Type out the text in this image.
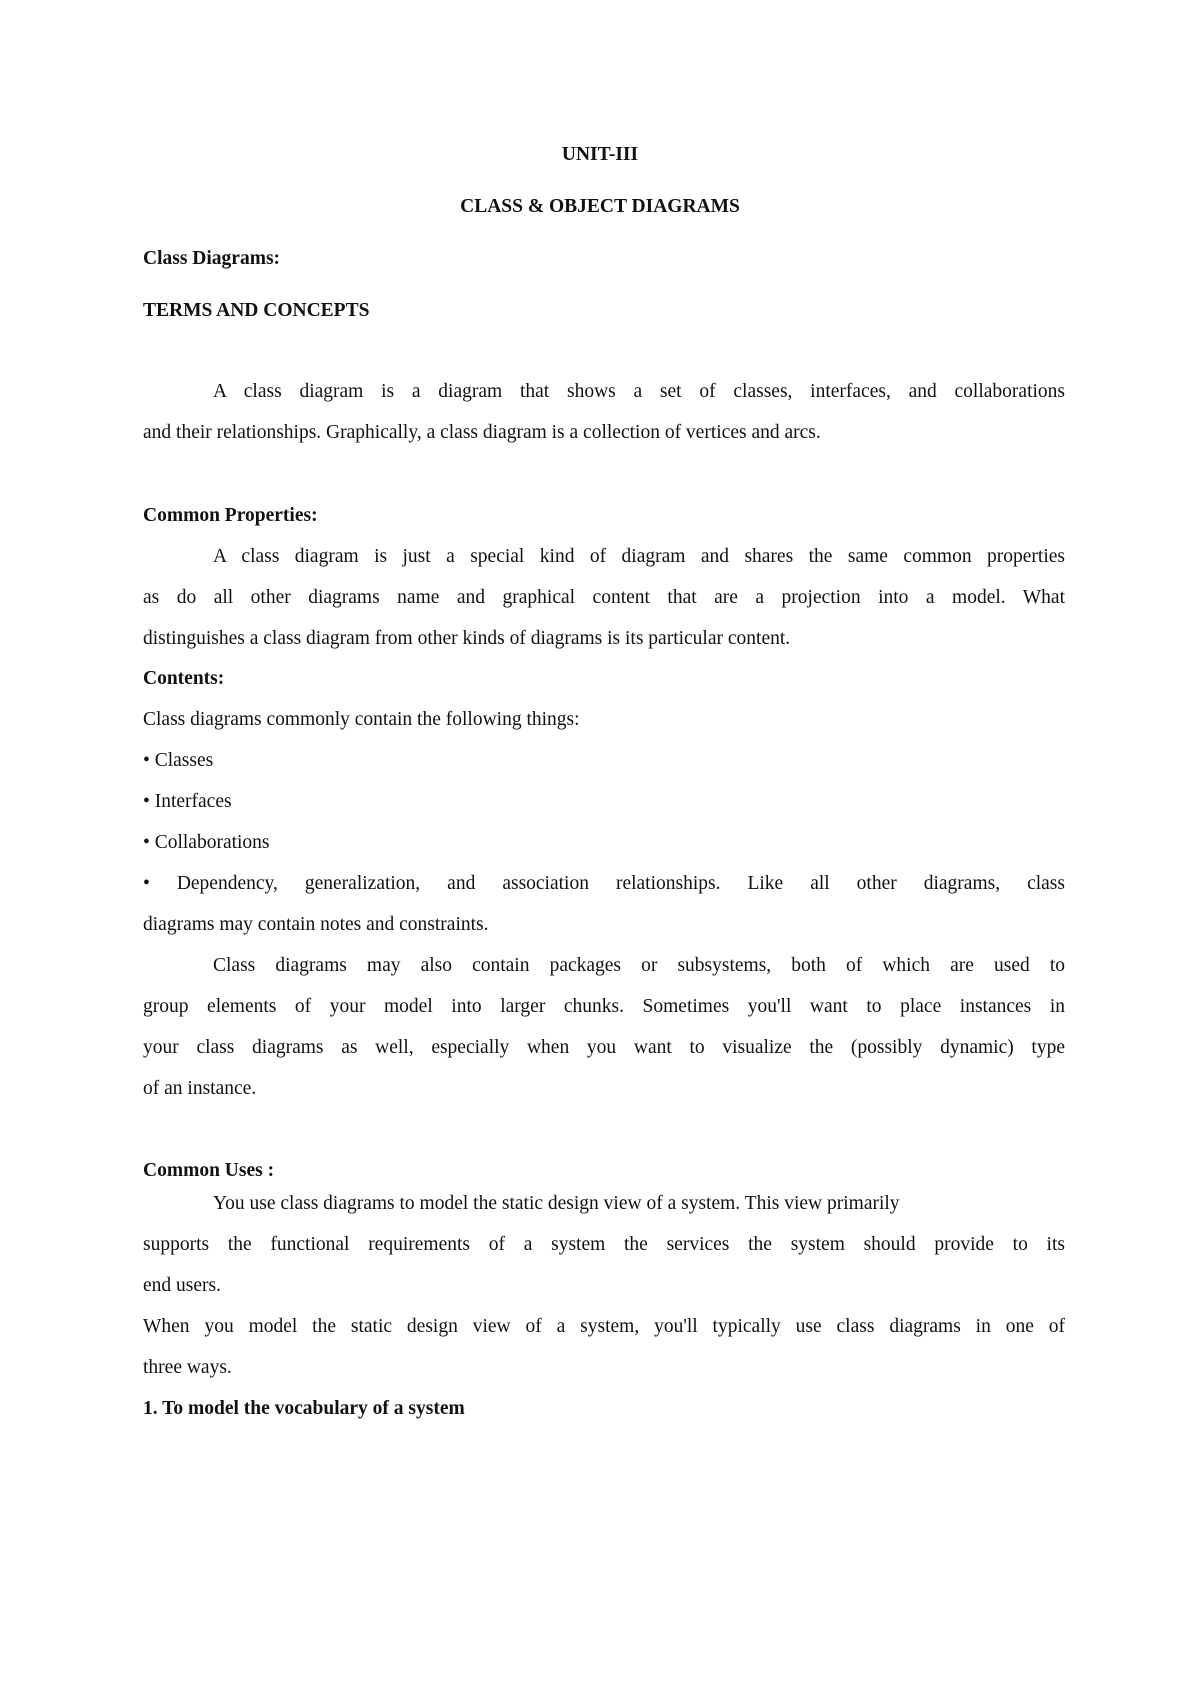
UNIT-III
CLASS & OBJECT DIAGRAMS
Class Diagrams:
TERMS AND CONCEPTS
A class diagram is a diagram that shows a set of classes, interfaces, and collaborations
and their relationships. Graphically, a class diagram is a collection of vertices and arcs.
Common Properties:
A class diagram is just a special kind of diagram and shares the same common properties
as do all other diagrams name and graphical content that are a projection into a model. What
distinguishes a class diagram from other kinds of diagrams is its particular content.
Contents:
Class diagrams commonly contain the following things:
• Classes
• Interfaces
• Collaborations
• Dependency, generalization, and association relationships. Like all other diagrams, class
diagrams may contain notes and constraints.
Class diagrams may also contain packages or subsystems, both of which are used to
group elements of your model into larger chunks. Sometimes you'll want to place instances in
your class diagrams as well, especially when you want to visualize the (possibly dynamic) type
of an instance.
Common Uses :
You use class diagrams to model the static design view of a system. This view primarily
supports the functional requirements of a system the services the system should provide to its
end users.
When you model the static design view of a system, you'll typically use class diagrams in one of
three ways.
1. To model the vocabulary of a system
